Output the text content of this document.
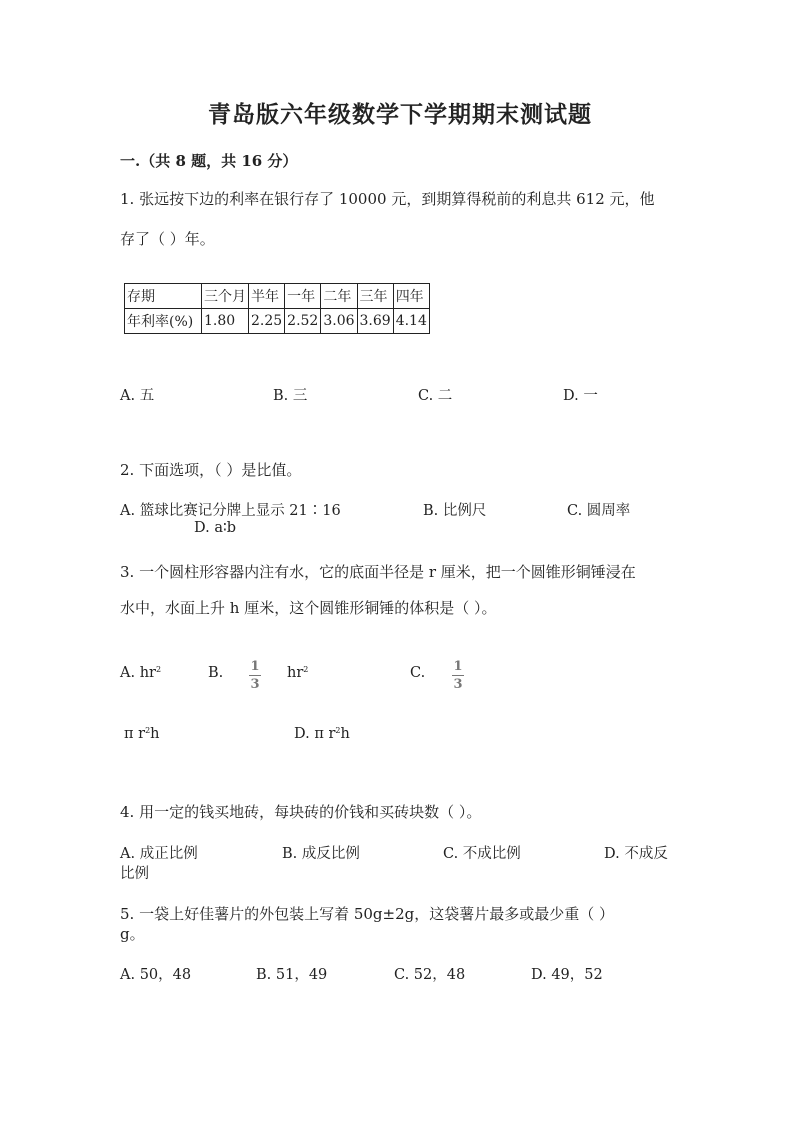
青岛版六年级数学下学期期末测试题
一.（共 8 题，共 16 分）
1. 张远按下边的利率在银行存了 10000 元，到期算得税前的利息共 612 元，他
存了（ ）年。
存期	三个月	半年	一年	二年	三年	四年
年利率(%)	1.80	2.25	2.52	3.06	3.69	4.14
A. 五	B. 三	C. 二	D. 一
2. 下面选项，（ ）是比值。
A. 篮球比赛记分牌上显示 21∶16	B. 比例尺	C. 圆周率
D. a∶b
3. 一个圆柱形容器内注有水，它的底面半径是 r 厘米，把一个圆锥形铜锤浸在
水中，水面上升 h 厘米，这个圆锥形铜锤的体积是（ ）。
A. $hr^2$	B. 1
3
$hr^2$	C. 1
3
π $r^2h$	D. π $r^2h$
4. 用一定的钱买地砖，每块砖的价钱和买砖块数（ ）。
A. 成正比例	B. 成反比例	C. 不成比例	D. 不成反
比例
5. 一袋上好佳薯片的外包装上写着 50g±2g，这袋薯片最多或最少重（ ）
g。
A. 50，48	B. 51，49	C. 52，48	D. 49，52
